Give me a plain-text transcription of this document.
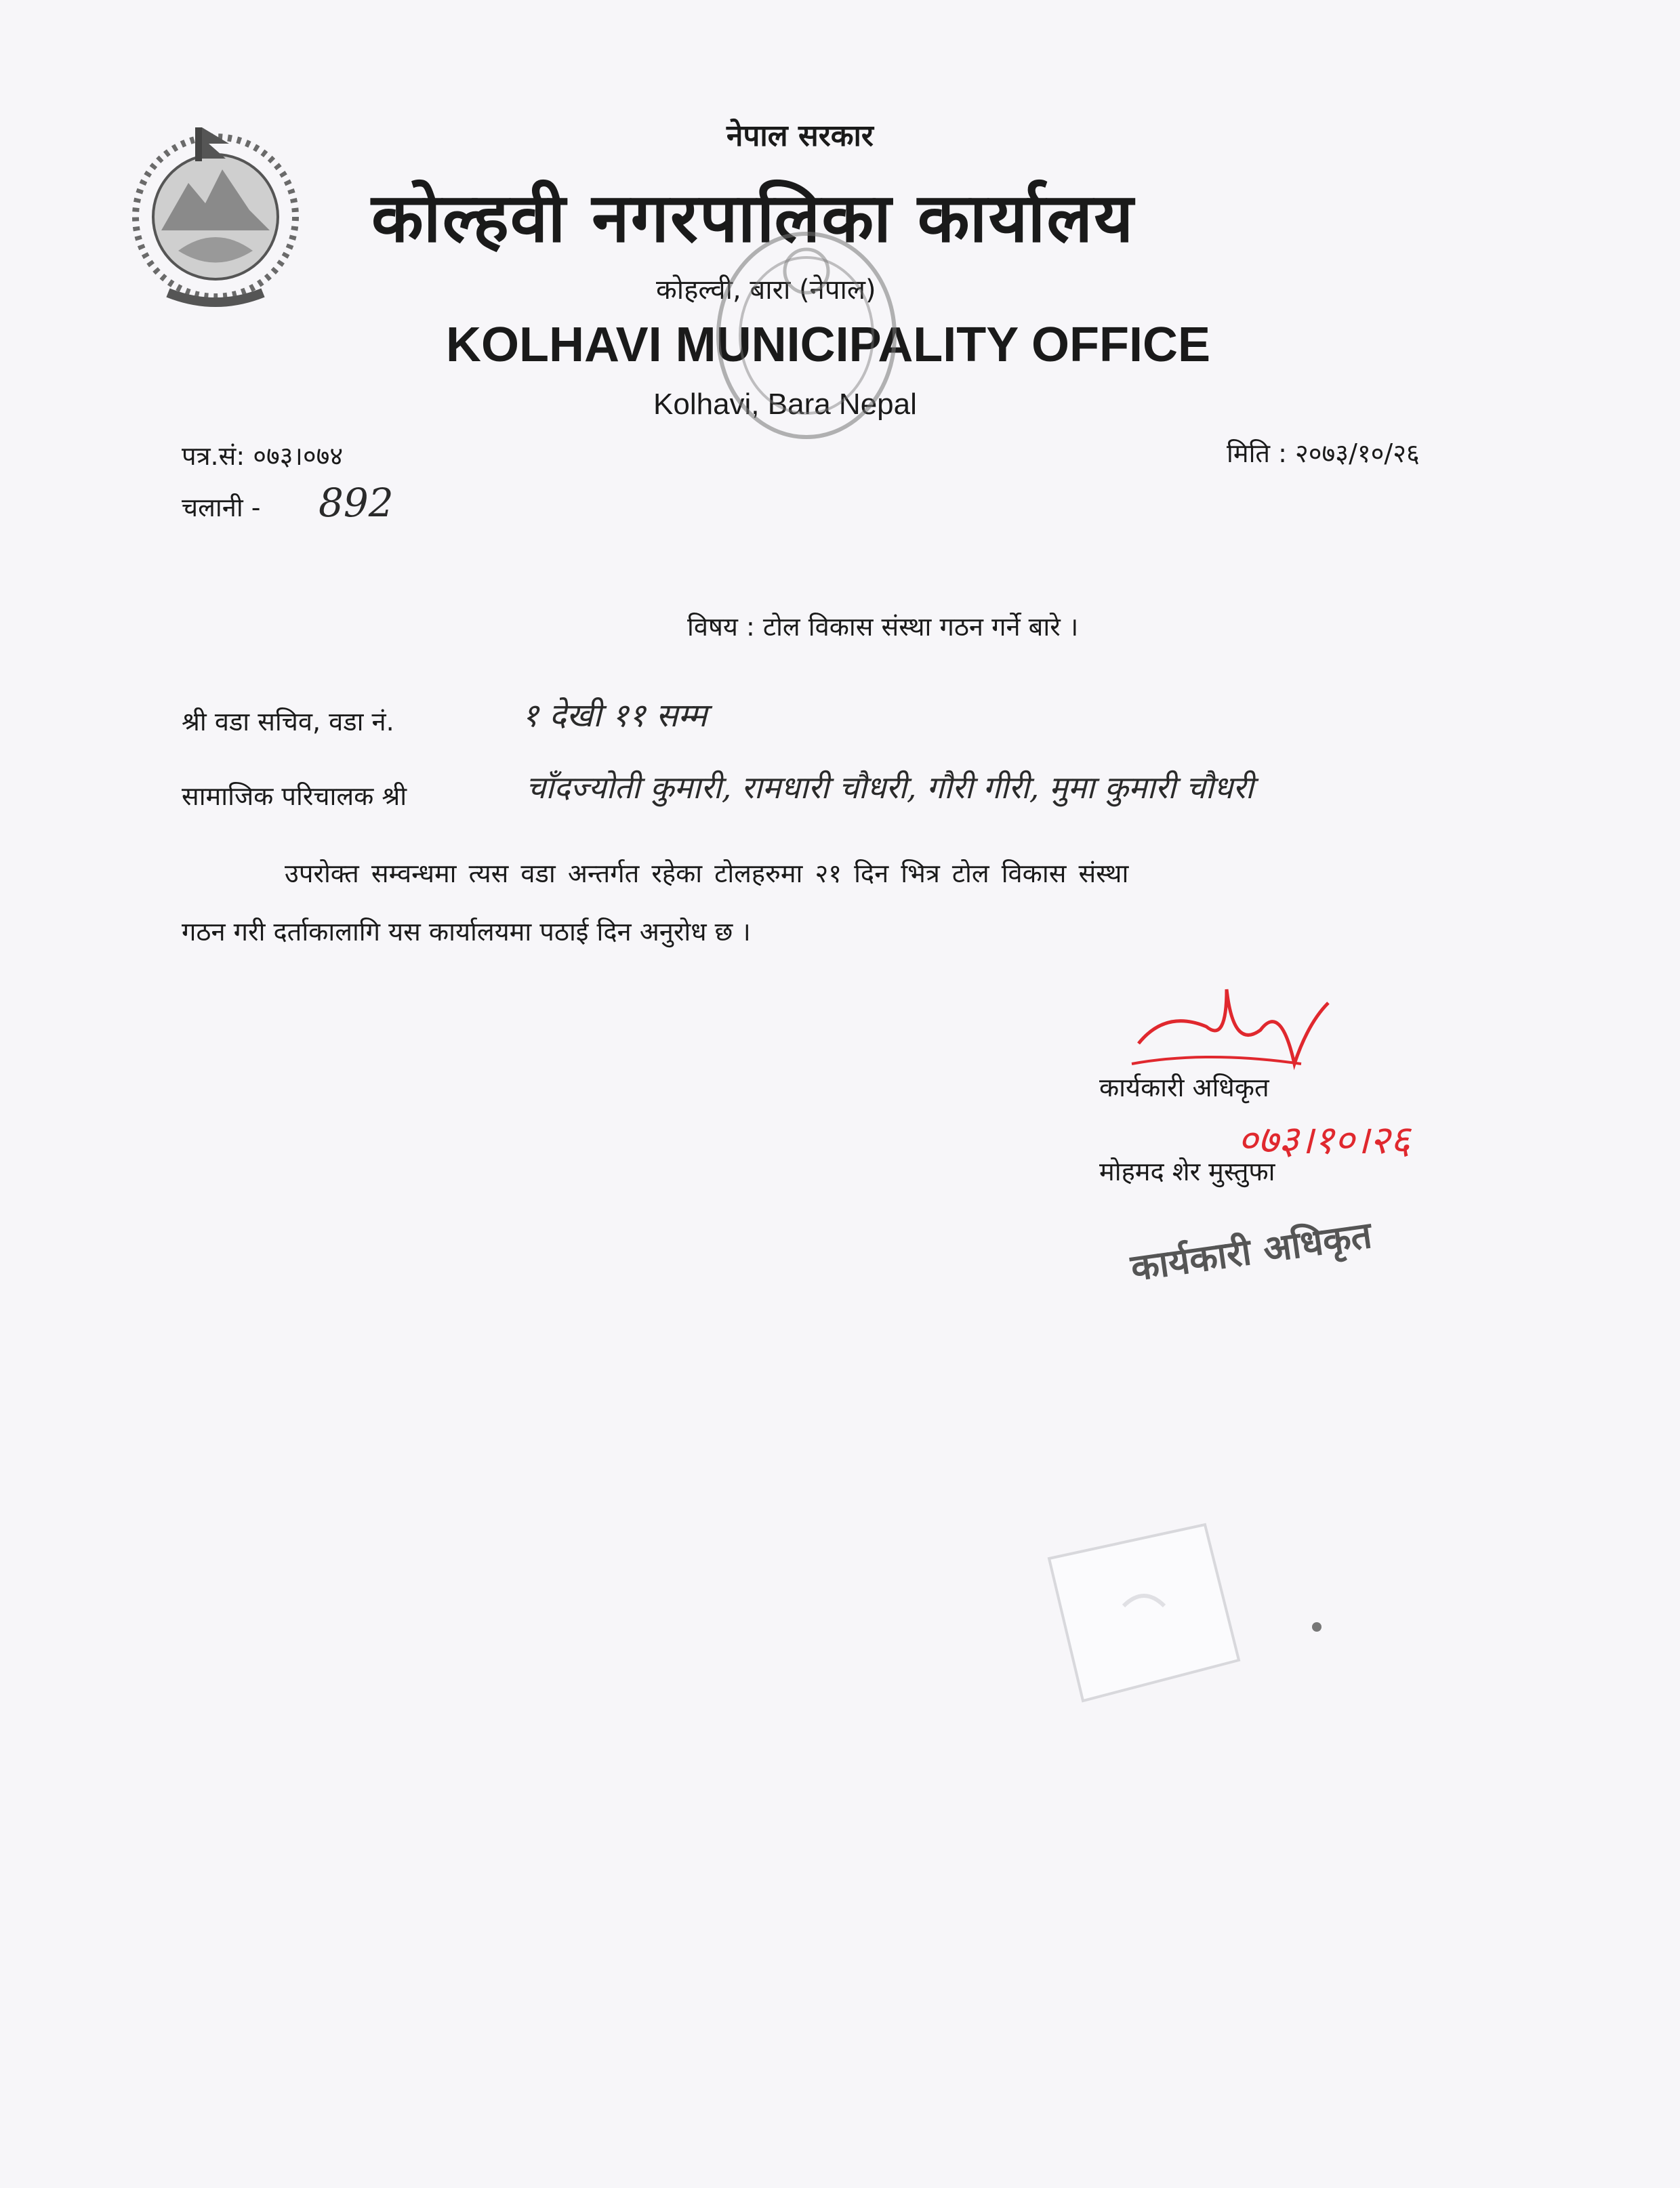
नेपाल सरकार
कोल्हवी नगरपालिका कार्यालय
कोहल्वी, बारा (नेपाल)
KOLHAVI MUNICIPALITY OFFICE
Kolhavi, Bara Nepal
पत्र.सं: ०७३।०७४
चलानी - 892
मिति : २०७३/१०/२६
विषय : टोल विकास संस्था गठन गर्ने बारे ।
श्री वडा सचिव, वडा नं.	१ देखी ११ सम्म
सामाजिक परिचालक श्री	चाँदज्योती कुमारी, रामधारी चौधरी, गौरी गीरी, मुमा कुमारी चौधरी
उपरोक्त सम्वन्धमा त्यस वडा अन्तर्गत रहेका टोलहरुमा २१ दिन भित्र टोल विकास संस्था
गठन गरी दर्ताकालागि यस कार्यालयमा पठाई दिन अनुरोध छ ।
कार्यकारी अधिकृत
०७३।१०।२६
मोहमद शेर मुस्तुफा
कार्यकारी अधिकृत
